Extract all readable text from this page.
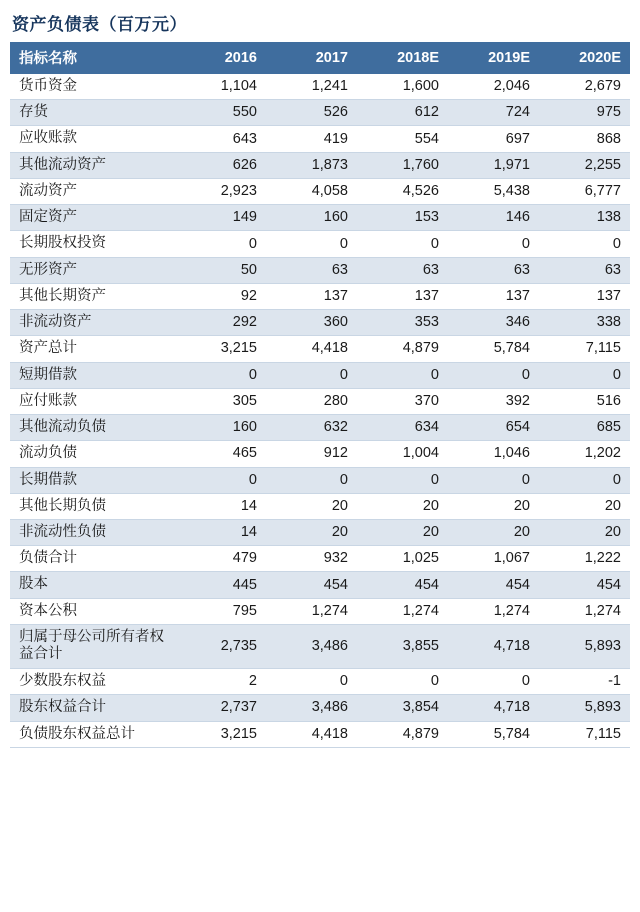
资产负债表（百万元）
指标名称	2016	2017	2018E	2019E	2020E
货币资金	1,104	1,241	1,600	2,046	2,679
存货	550	526	612	724	975
应收账款	643	419	554	697	868
其他流动资产	626	1,873	1,760	1,971	2,255
流动资产	2,923	4,058	4,526	5,438	6,777
固定资产	149	160	153	146	138
长期股权投资	0	0	0	0	0
无形资产	50	63	63	63	63
其他长期资产	92	137	137	137	137
非流动资产	292	360	353	346	338
资产总计	3,215	4,418	4,879	5,784	7,115
短期借款	0	0	0	0	0
应付账款	305	280	370	392	516
其他流动负债	160	632	634	654	685
流动负债	465	912	1,004	1,046	1,202
长期借款	0	0	0	0	0
其他长期负债	14	20	20	20	20
非流动性负债	14	20	20	20	20
负债合计	479	932	1,025	1,067	1,222
股本	445	454	454	454	454
资本公积	795	1,274	1,274	1,274	1,274
归属于母公司所有者权益合计	2,735	3,486	3,855	4,718	5,893
少数股东权益	2	0	0	0	-1
股东权益合计	2,737	3,486	3,854	4,718	5,893
负债股东权益总计	3,215	4,418	4,879	5,784	7,115
